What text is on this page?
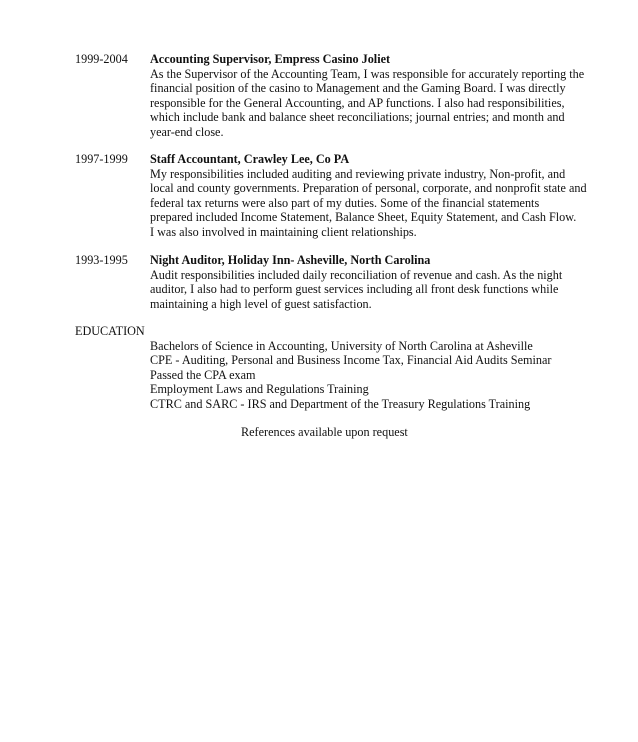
1999-2004	Accounting Supervisor, Empress Casino Joliet
As the Supervisor of the Accounting Team, I was responsible for accurately reporting the
financial position of the casino to Management and the Gaming Board. I was directly
responsible for the General Accounting, and AP functions. I also had responsibilities,
which include bank and balance sheet reconciliations; journal entries; and month and
year-end close.
1997-1999	Staff Accountant, Crawley Lee, Co PA
My responsibilities included auditing and reviewing private industry, Non-profit, and
local and county governments. Preparation of personal, corporate, and nonprofit state and
federal tax returns were also part of my duties. Some of the financial statements
prepared included Income Statement, Balance Sheet, Equity Statement, and Cash Flow.
I was also involved in maintaining client relationships.
1993-1995	Night Auditor, Holiday Inn- Asheville, North Carolina
Audit responsibilities included daily reconciliation of revenue and cash. As the night
auditor, I also had to perform guest services including all front desk functions while
maintaining a high level of guest satisfaction.
EDUCATION
Bachelors of Science in Accounting, University of North Carolina at Asheville
CPE - Auditing, Personal and Business Income Tax, Financial Aid Audits Seminar
Passed the CPA exam
Employment Laws and Regulations Training
CTRC and SARC - IRS and Department of the Treasury Regulations Training
References available upon request
